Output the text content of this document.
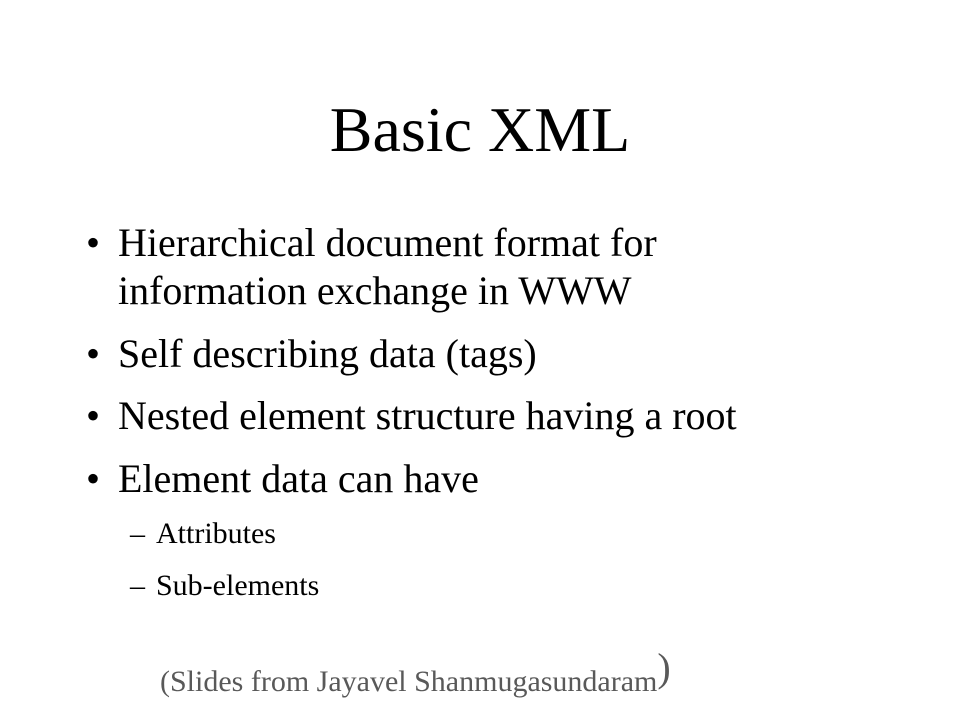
Basic XML
• Hierarchical document format for information exchange in WWW
• Self describing data (tags)
• Nested element structure having a root
• Element data can have
– Attributes
– Sub-elements
(Slides from Jayavel Shanmugasundaram)
